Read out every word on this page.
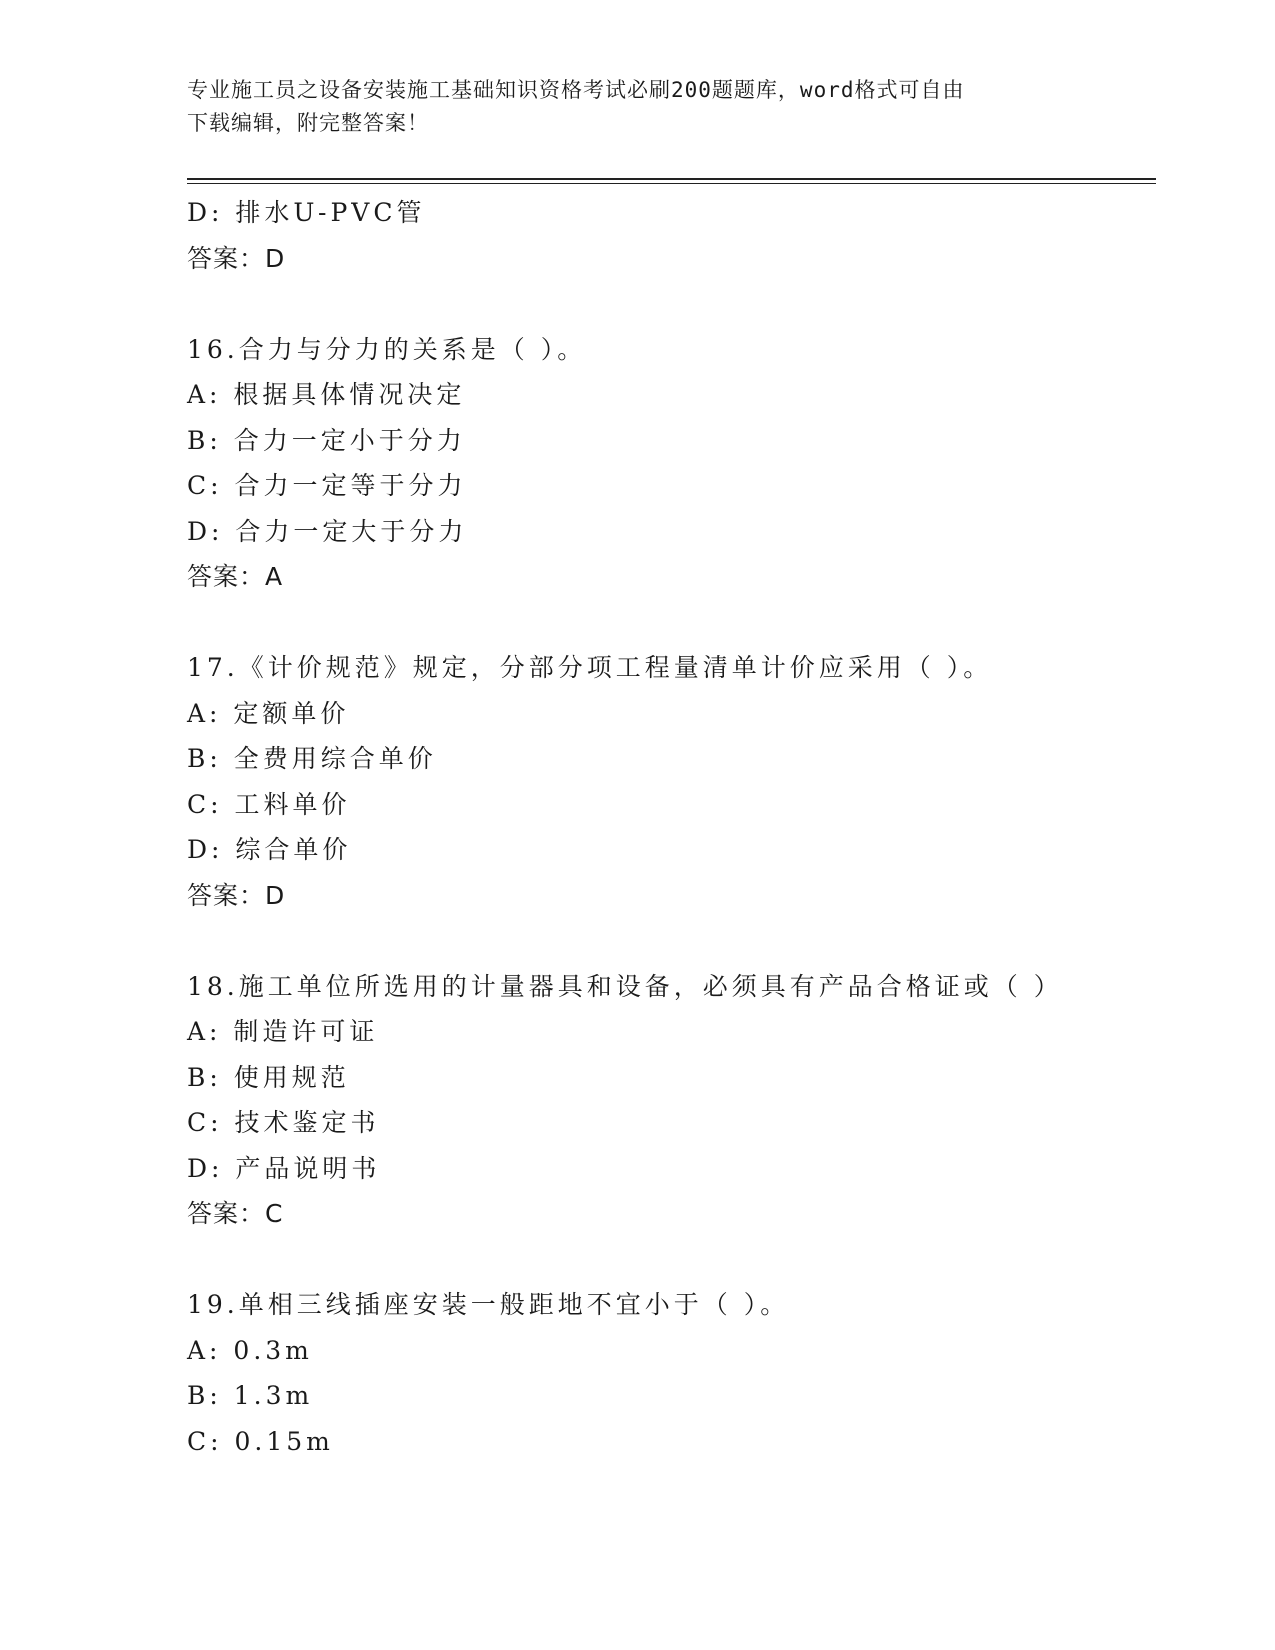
专业施工员之设备安装施工基础知识资格考试必刷200题题库，word格式可自由
下载编辑，附完整答案！
D: 排水U-PVC管
答案：D
16.合力与分力的关系是（ ）。
A: 根据具体情况决定
B: 合力一定小于分力
C: 合力一定等于分力
D: 合力一定大于分力
答案：A
17.《计价规范》规定，分部分项工程量清单计价应采用（ ）。
A: 定额单价
B: 全费用综合单价
C: 工料单价
D: 综合单价
答案：D
18.施工单位所选用的计量器具和设备，必须具有产品合格证或（ ）
A: 制造许可证
B: 使用规范
C: 技术鉴定书
D: 产品说明书
答案：C
19.单相三线插座安装一般距地不宜小于（ ）。
A: 0.3m
B: 1.3m
C: 0.15m
